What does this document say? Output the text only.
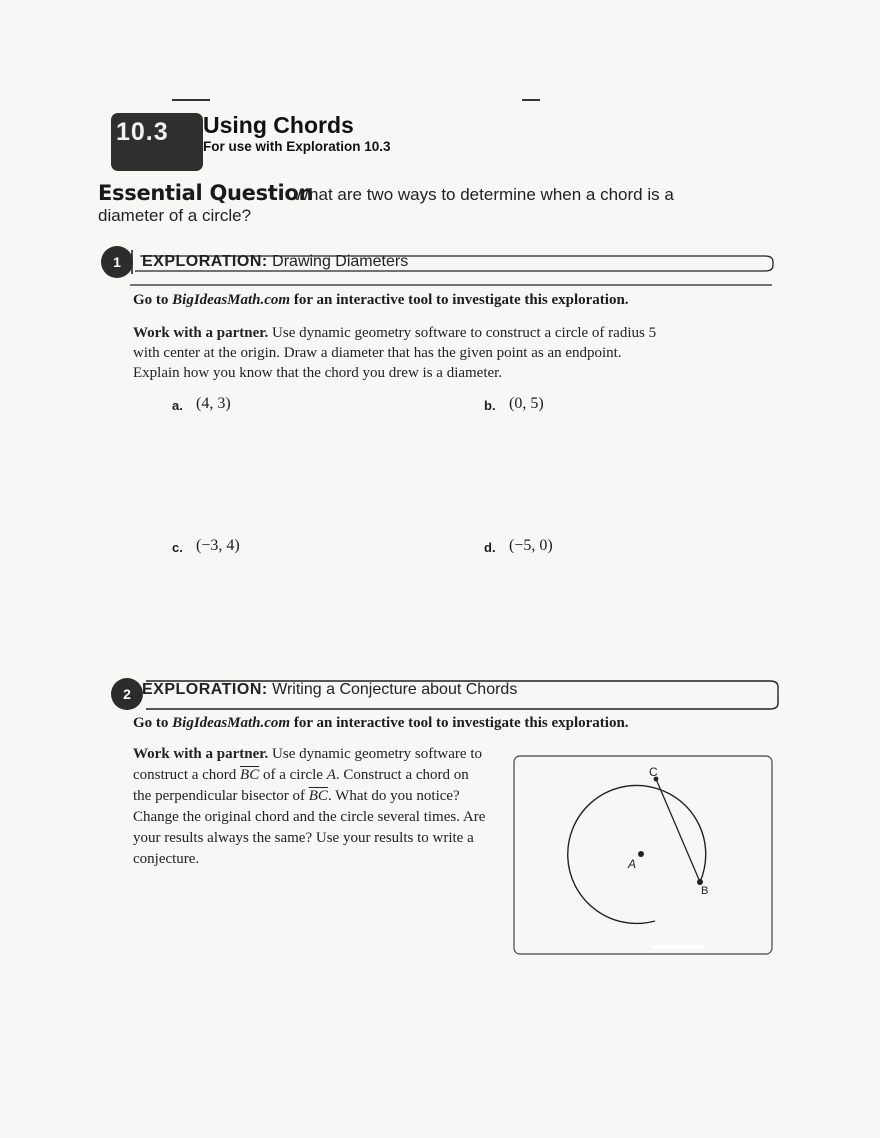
10.3 Using Chords
For use with Exploration 10.3
Essential Question
What are two ways to determine when a chord is a
diameter of a circle?
1	EXPLORATION: Drawing Diameters
Go to BigIdeasMath.com for an interactive tool to investigate this exploration.
Work with a partner. Use dynamic geometry software to construct a circle of radius 5
with center at the origin. Draw a diameter that has the given point as an endpoint.
Explain how you know that the chord you drew is a diameter.
a. (4, 3)	b. (0, 5)
c. (−3, 4)	d. (−5, 0)
2 EXPLORATION: Writing a Conjecture about Chords
Go to BigIdeasMath.com for an interactive tool to investigate this exploration.
Work with a partner. Use dynamic geometry software to
construct a chord $\overline{BC}$ of a circle A. Construct a chord on
the perpendicular bisector of $\overline{BC}$. What do you notice?
Change the original chord and the circle several times. Are
your results always the same? Use your results to write a
conjecture.
C
A
B
